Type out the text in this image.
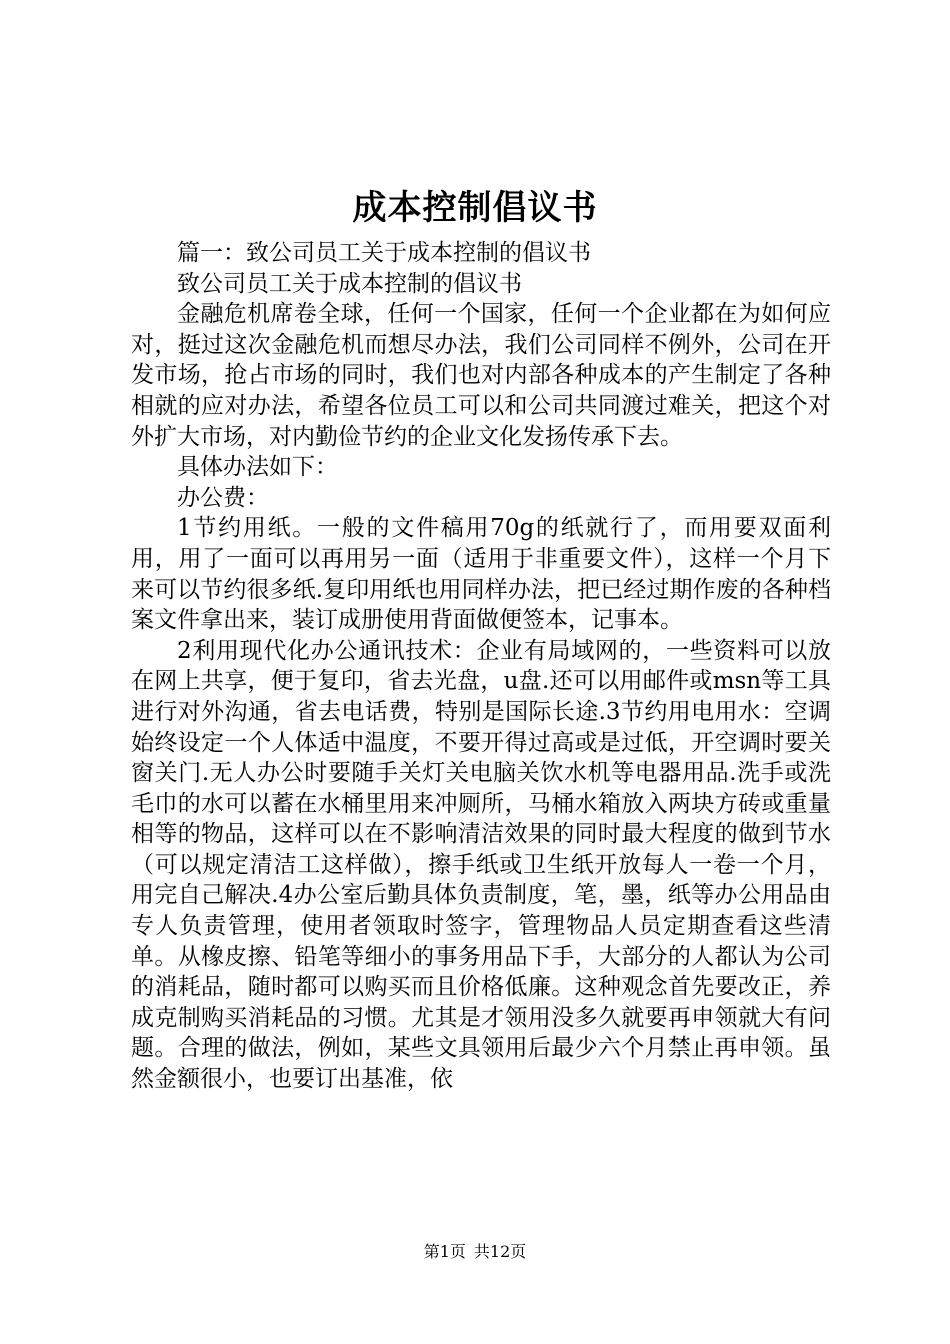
成本控制倡议书

篇一：致公司员工关于成本控制的倡议书

致公司员工关于成本控制的倡议书

金融危机席卷全球，任何一个国家，任何一个企业都在为如何应对，挺过这次金融危机而想尽办法，我们公司同样不例外，公司在开发市场，抢占市场的同时，我们也对内部各种成本的产生制定了各种相就的应对办法，希望各位员工可以和公司共同渡过难关，把这个对外扩大市场，对内勤俭节约的企业文化发扬传承下去。

具体办法如下：

办公费：

1节约用纸。一般的文件稿用70g的纸就行了，而用要双面利用，用了一面可以再用另一面（适用于非重要文件），这样一个月下来可以节约很多纸.复印用纸也用同样办法，把已经过期作废的各种档案文件拿出来，装订成册使用背面做便签本，记事本。

2利用现代化办公通讯技术：企业有局域网的，一些资料可以放在网上共享，便于复印，省去光盘，u盘.还可以用邮件或msn等工具进行对外沟通，省去电话费，特别是国际长途.3节约用电用水：空调始终设定一个人体适中温度，不要开得过高或是过低，开空调时要关窗关门.无人办公时要随手关灯关电脑关饮水机等电器用品.洗手或洗毛巾的水可以蓄在水桶里用来冲厕所，马桶水箱放入两块方砖或重量相等的物品，这样可以在不影响清洁效果的同时最大程度的做到节水（可以规定清洁工这样做），擦手纸或卫生纸开放每人一卷一个月，用完自己解决.4办公室后勤具体负责制度，笔，墨，纸等办公用品由专人负责管理，使用者领取时签字，管理物品人员定期查看这些清单。从橡皮擦、铅笔等细小的事务用品下手，大部分的人都认为公司的消耗品，随时都可以购买而且价格低廉。这种观念首先要改正，养成克制购买消耗品的习惯。尤其是才领用没多久就要再申领就大有问题。合理的做法，例如，某些文具领用后最少六个月禁止再申领。虽然金额很小，也要订出基准，依

第1页 共12页
